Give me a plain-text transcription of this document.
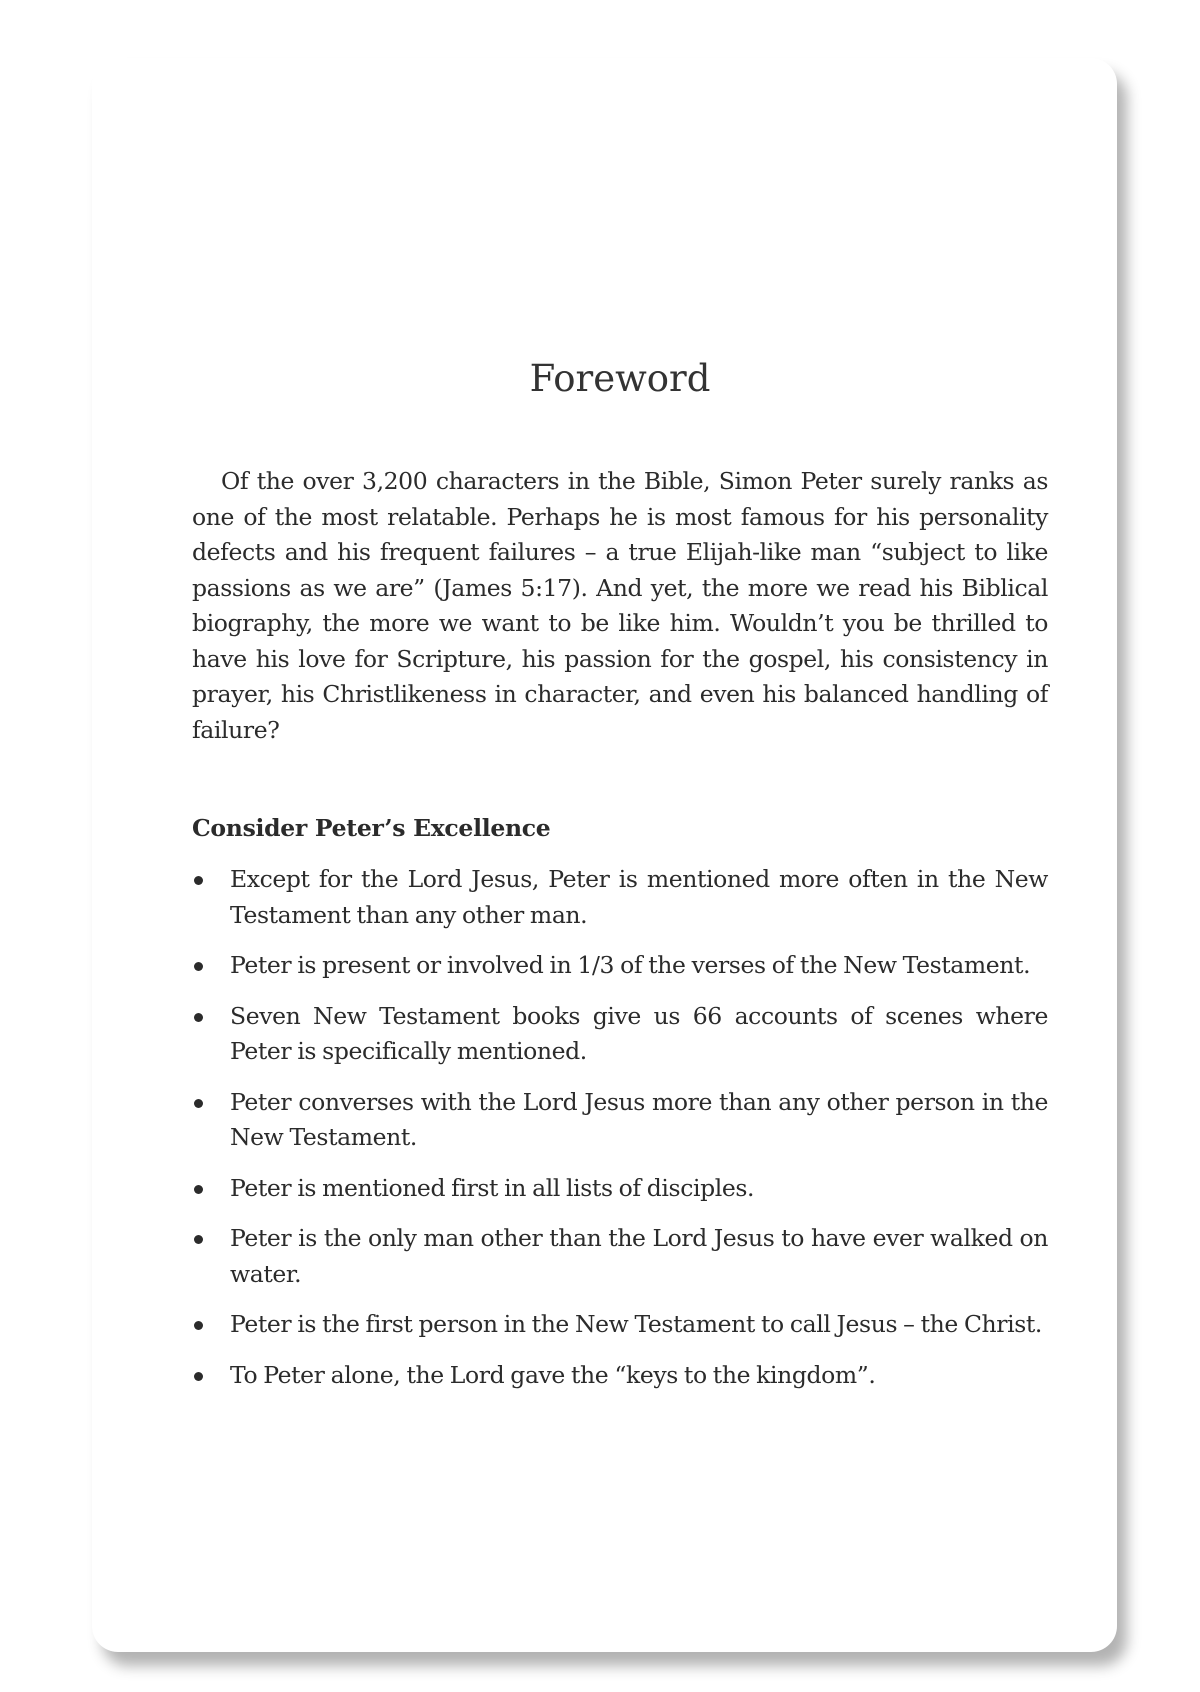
Foreword

Of the over 3,200 characters in the Bible, Simon Peter surely ranks as one of the most relatable. Perhaps he is most famous for his personality defects and his frequent failures – a true Elijah-like man “subject to like passions as we are” (James 5:17). And yet, the more we read his Biblical biography, the more we want to be like him. Wouldn’t you be thrilled to have his love for Scripture, his passion for the gospel, his consistency in prayer, his Christlikeness in character, and even his balanced handling of failure?

Consider Peter’s Excellence
Except for the Lord Jesus, Peter is mentioned more often in the New Testament than any other man.
Peter is present or involved in 1/3 of the verses of the New Testament.
Seven New Testament books give us 66 accounts of scenes where Peter is specifically mentioned.
Peter converses with the Lord Jesus more than any other person in the New Testament.
Peter is mentioned first in all lists of disciples.
Peter is the only man other than the Lord Jesus to have ever walked on water.
Peter is the first person in the New Testament to call Jesus – the Christ.
To Peter alone, the Lord gave the “keys to the kingdom”.
